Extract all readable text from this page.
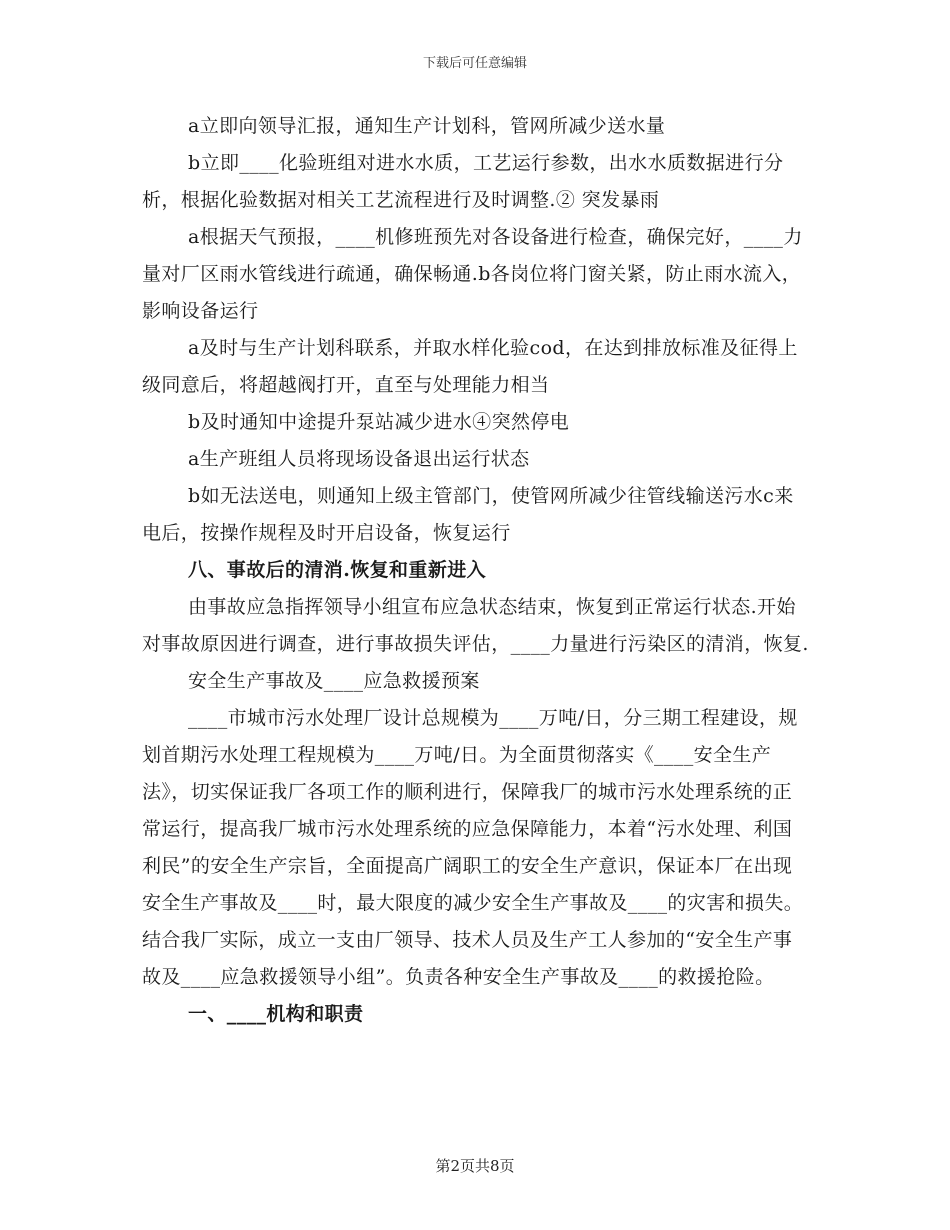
下载后可任意编辑

a立即向领导汇报，通知生产计划科，管网所减少送水量

b立即____化验班组对进水水质，工艺运行参数，出水水质数据进行分析，根据化验数据对相关工艺流程进行及时调整.② 突发暴雨

a根据天气预报，____机修班预先对各设备进行检查，确保完好，____力量对厂区雨水管线进行疏通，确保畅通.b各岗位将门窗关紧，防止雨水流入，影响设备运行

a及时与生产计划科联系，并取水样化验cod，在达到排放标准及征得上级同意后，将超越阀打开，直至与处理能力相当

b及时通知中途提升泵站减少进水④突然停电

a生产班组人员将现场设备退出运行状态

b如无法送电，则通知上级主管部门，使管网所减少往管线输送污水c来电后，按操作规程及时开启设备，恢复运行

八、事故后的清消.恢复和重新进入

由事故应急指挥领导小组宣布应急状态结束，恢复到正常运行状态.开始对事故原因进行调查，进行事故损失评估，____力量进行污染区的清消，恢复.

安全生产事故及____应急救援预案

____市城市污水处理厂设计总规模为____万吨/日，分三期工程建设，规划首期污水处理工程规模为____万吨/日。为全面贯彻落实《____安全生产法》，切实保证我厂各项工作的顺利进行，保障我厂的城市污水处理系统的正常运行，提高我厂城市污水处理系统的应急保障能力，本着“污水处理、利国利民”的安全生产宗旨，全面提高广阔职工的安全生产意识，保证本厂在出现安全生产事故及____时，最大限度的减少安全生产事故及____的灾害和损失。结合我厂实际，成立一支由厂领导、技术人员及生产工人参加的“安全生产事故及____应急救援领导小组”。负责各种安全生产事故及____的救援抢险。

一、____机构和职责

第2页共8页
